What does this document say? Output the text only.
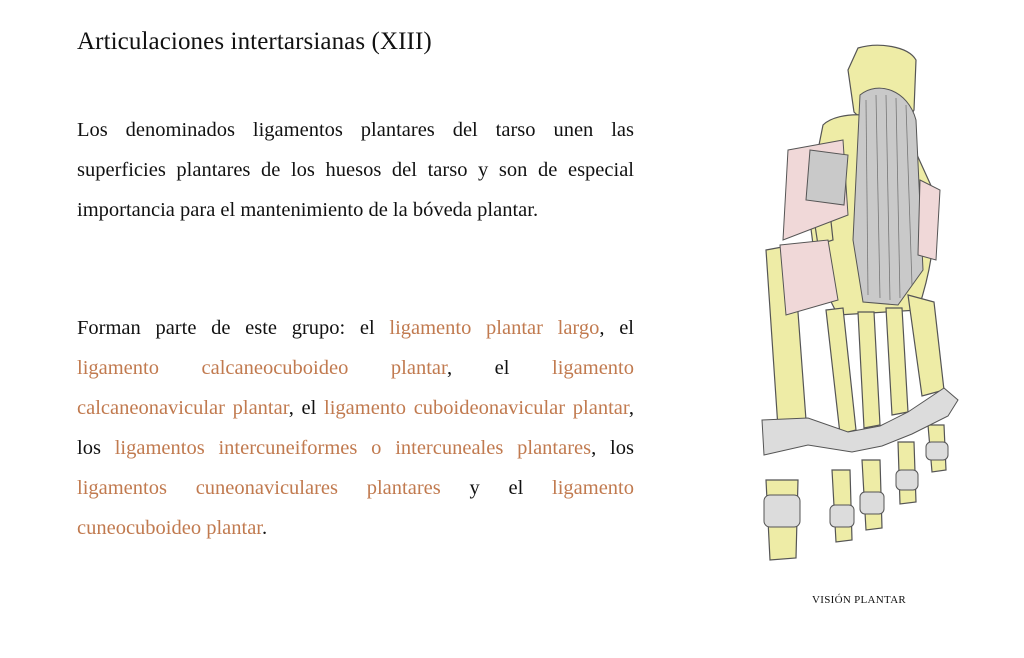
Articulaciones intertarsianas (XIII)

Los denominados ligamentos plantares del tarso unen las superficies plantares de los huesos del tarso y son de especial importancia para el mantenimiento de la bóveda plantar.

Forman parte de este grupo: el ligamento plantar largo, el ligamento calcaneocuboideo plantar, el ligamento calcaneonavicular plantar, el ligamento cuboideonavicular plantar, los ligamentos intercuneiformes o intercuneales plantares, los ligamentos cuneonaviculares plantares y el ligamento cuneocuboideo plantar.

VISIÓN PLANTAR
